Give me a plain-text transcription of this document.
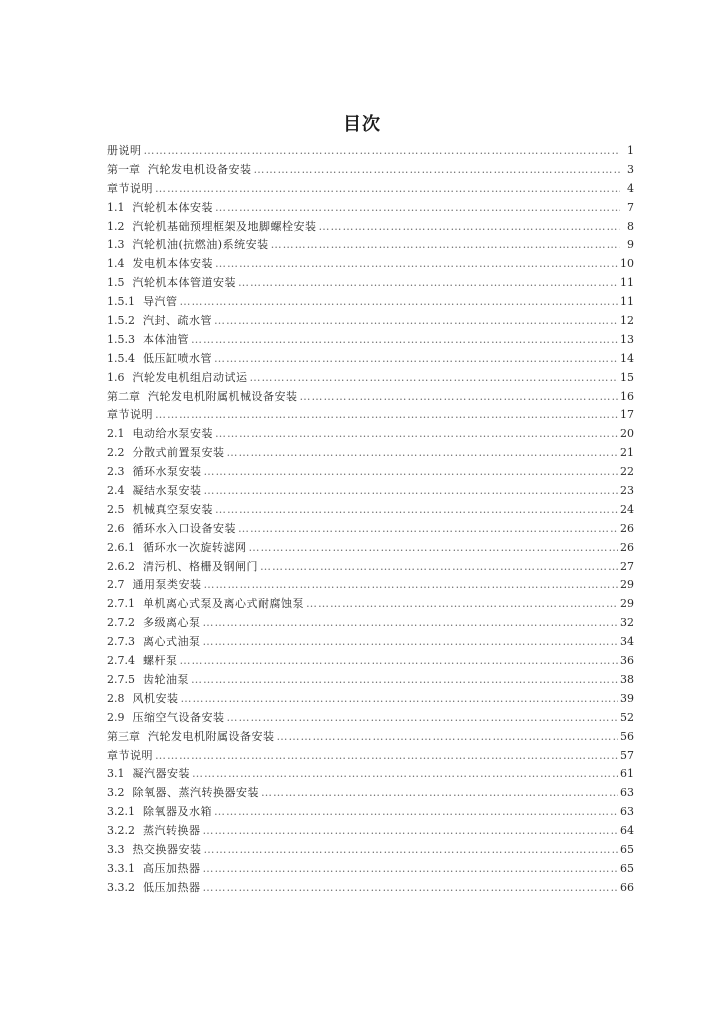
目次
册说明 …………………………………………………………………………………………………………………………………………………………………	1
第一章 汽轮发电机设备安装 …………………………………………………………………………………………………………………………………………………………………	3
章节说明 …………………………………………………………………………………………………………………………………………………………………	4
1.1 汽轮机本体安装 …………………………………………………………………………………………………………………………………………………………………	7
1.2 汽轮机基础预埋框架及地脚螺栓安装 …………………………………………………………………………………………………………………………………………………………………	8
1.3 汽轮机油(抗燃油)系统安装 …………………………………………………………………………………………………………………………………………………………………	9
1.4 发电机本体安装 …………………………………………………………………………………………………………………………………………………………………	10
1.5 汽轮机本体管道安装 …………………………………………………………………………………………………………………………………………………………………	11
1.5.1 导汽管 …………………………………………………………………………………………………………………………………………………………………	11
1.5.2 汽封、疏水管 …………………………………………………………………………………………………………………………………………………………………	12
1.5.3 本体油管 …………………………………………………………………………………………………………………………………………………………………	13
1.5.4 低压缸喷水管 …………………………………………………………………………………………………………………………………………………………………	14
1.6 汽轮发电机组启动试运 …………………………………………………………………………………………………………………………………………………………………	15
第二章 汽轮发电机附属机械设备安装 …………………………………………………………………………………………………………………………………………………………………	16
章节说明 …………………………………………………………………………………………………………………………………………………………………	17
2.1 电动给水泵安装 …………………………………………………………………………………………………………………………………………………………………	20
2.2 分散式前置泵安装 …………………………………………………………………………………………………………………………………………………………………	21
2.3 循环水泵安装 …………………………………………………………………………………………………………………………………………………………………	22
2.4 凝结水泵安装 …………………………………………………………………………………………………………………………………………………………………	23
2.5 机械真空泵安装 …………………………………………………………………………………………………………………………………………………………………	24
2.6 循环水入口设备安装 …………………………………………………………………………………………………………………………………………………………………	26
2.6.1 循环水一次旋转滤网 …………………………………………………………………………………………………………………………………………………………………	26
2.6.2 清污机、格栅及钢闸门 …………………………………………………………………………………………………………………………………………………………………	27
2.7 通用泵类安装 …………………………………………………………………………………………………………………………………………………………………	29
2.7.1 单机离心式泵及离心式耐腐蚀泵 …………………………………………………………………………………………………………………………………………………………………	29
2.7.2 多级离心泵 …………………………………………………………………………………………………………………………………………………………………	32
2.7.3 离心式油泵 …………………………………………………………………………………………………………………………………………………………………	34
2.7.4 螺杆泵 …………………………………………………………………………………………………………………………………………………………………	36
2.7.5 齿轮油泵 …………………………………………………………………………………………………………………………………………………………………	38
2.8 风机安装 …………………………………………………………………………………………………………………………………………………………………	39
2.9 压缩空气设备安装 …………………………………………………………………………………………………………………………………………………………………	52
第三章 汽轮发电机附属设备安装 …………………………………………………………………………………………………………………………………………………………………	56
章节说明 …………………………………………………………………………………………………………………………………………………………………	57
3.1 凝汽器安装 …………………………………………………………………………………………………………………………………………………………………	61
3.2 除氧器、蒸汽转换器安装 …………………………………………………………………………………………………………………………………………………………………	63
3.2.1 除氧器及水箱 …………………………………………………………………………………………………………………………………………………………………	63
3.2.2 蒸汽转换器 …………………………………………………………………………………………………………………………………………………………………	64
3.3 热交换器安装 …………………………………………………………………………………………………………………………………………………………………	65
3.3.1 高压加热器 …………………………………………………………………………………………………………………………………………………………………	65
3.3.2 低压加热器 …………………………………………………………………………………………………………………………………………………………………	66
